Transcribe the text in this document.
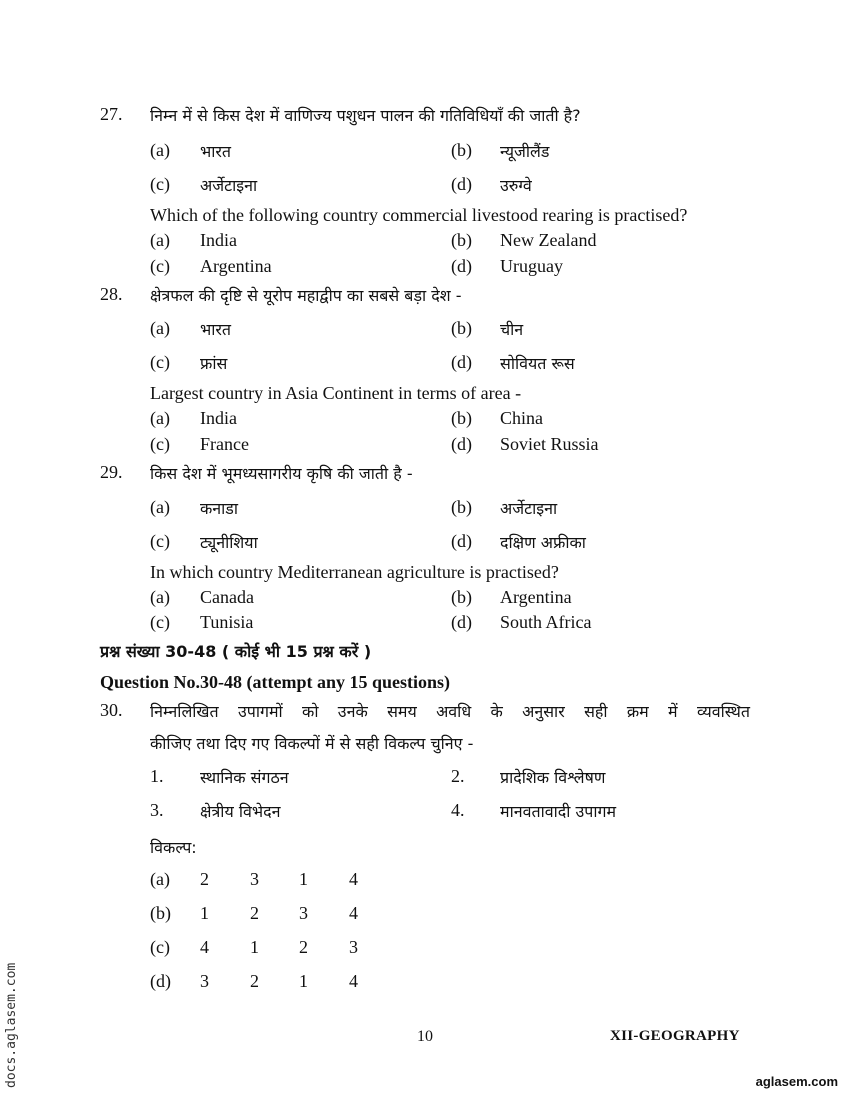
27. निम्न में से किस देश में वाणिज्य पशुधन पालन की गतिविधियाँ की जाती है?
(a) भारत	(b) न्यूजीलैंड
(c) अर्जेटाइना	(d) उरुग्वे
Which of the following country commercial livestood rearing is practised?
(a) India	(b) New Zealand
(c) Argentina	(d) Uruguay
28. क्षेत्रफल की दृष्टि से यूरोप महाद्वीप का सबसे बड़ा देश -
(a) भारत	(b) चीन
(c) फ्रांस	(d) सोवियत रूस
Largest country in Asia Continent in terms of area -
(a) India	(b) China
(c) France	(d) Soviet Russia
29. किस देश में भूमध्यसागरीय कृषि की जाती है -
(a) कनाडा	(b) अर्जेटाइना
(c) ट्यूनीशिया	(d) दक्षिण अफ्रीका
In which country Mediterranean agriculture is practised?
(a) Canada	(b) Argentina
(c) Tunisia	(d) South Africa
प्रश्न संख्या 30-48 ( कोई भी 15 प्रश्न करें )
Question No.30-48 (attempt any 15 questions)
30. निम्नलिखित उपागमों को उनके समय अवधि के अनुसार सही क्रम में व्यवस्थित
कीजिए तथा दिए गए विकल्पों में से सही विकल्प चुनिए -
1. स्थानिक संगठन	2. प्रादेशिक विश्लेषण
3. क्षेत्रीय विभेदन	4. मानवतावादी उपागम
विकल्प:
(a) 2 3 1 4
(b) 1 2 3 4
(c) 4 1 2 3
(d) 3 2 1 4
10	XII-GEOGRAPHY
aglasem.com
docs.aglasem.com
